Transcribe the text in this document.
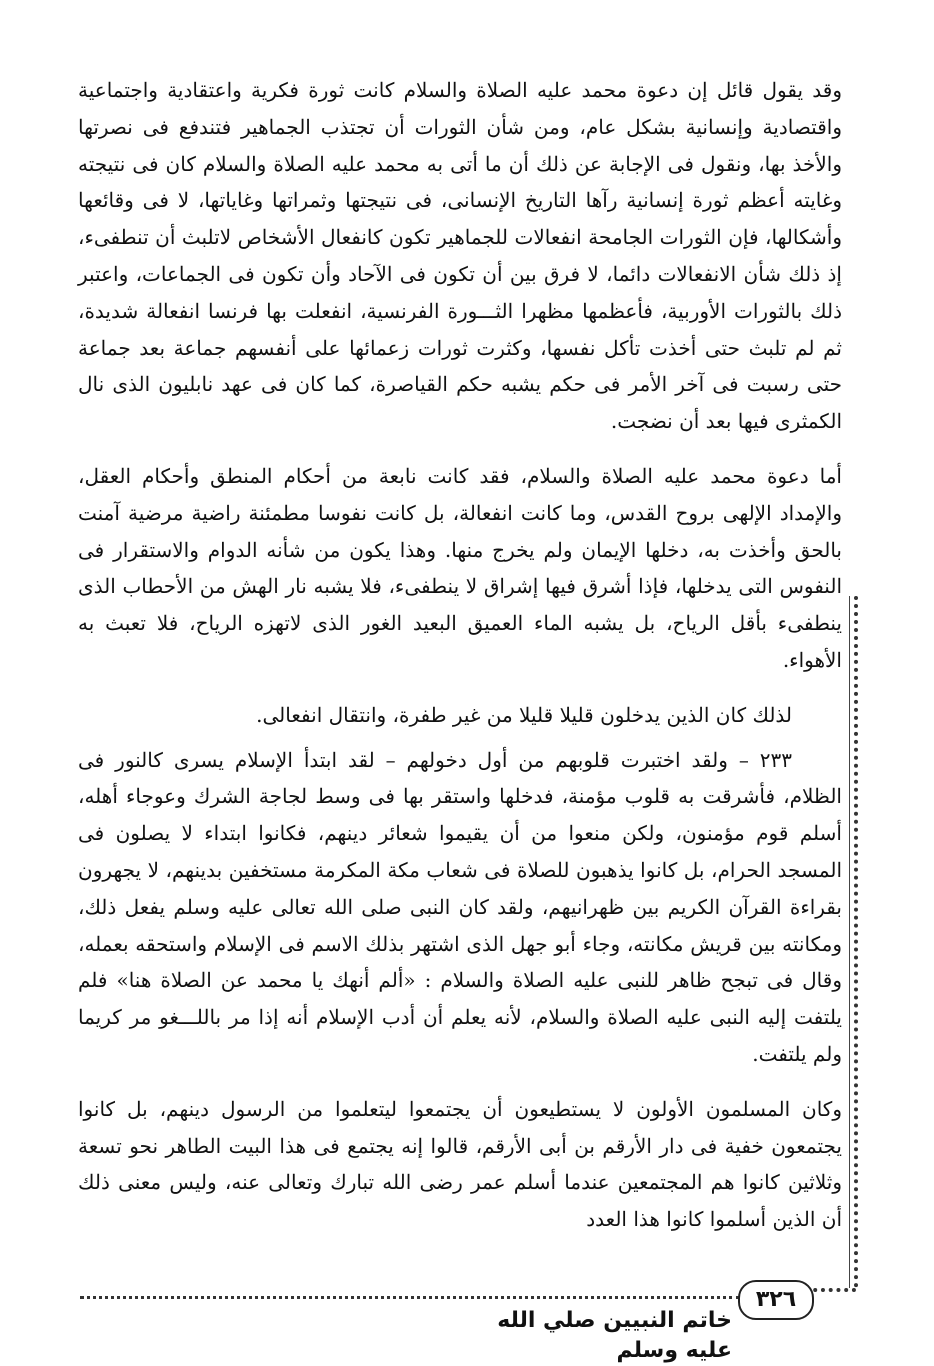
وقد يقول قائل إن دعوة محمد عليه الصلاة والسلام كانت ثورة فكرية واعتقادية واجتماعية واقتصادية وإنسانية بشكل عام، ومن شأن الثورات أن تجتذب الجماهير فتندفع فى نصرتها والأخذ بها، ونقول فى الإجابة عن ذلك أن ما أتى به محمد عليه الصلاة والسلام كان فى نتيجته وغايته أعظم ثورة إنسانية رآها التاريخ الإنسانى، فى نتيجتها وثمراتها وغاياتها، لا فى وقائعها وأشكالها، فإن الثورات الجامحة انفعالات للجماهير تكون كانفعال الأشخاص لاتلبث أن تنطفىء، إذ ذلك شأن الانفعالات دائما، لا فرق بين أن تكون فى الآحاد وأن تكون فى الجماعات، واعتبر ذلك بالثورات الأوربية، فأعظمها مظهرا الثـــورة الفرنسية، انفعلت بها فرنسا انفعالة شديدة، ثم لم تلبث حتى أخذت تأكل نفسها، وكثرت ثورات زعمائها على أنفسهم جماعة بعد جماعة حتى رسبت فى آخر الأمر فى حكم يشبه حكم القياصرة، كما كان فى عهد نابليون الذى نال الكمثرى فيها بعد أن نضجت.

أما دعوة محمد عليه الصلاة والسلام، فقد كانت نابعة من أحكام المنطق وأحكام العقل، والإمداد الإلهى بروح القدس، وما كانت انفعالة، بل كانت نفوسا مطمئنة راضية مرضية آمنت بالحق وأخذت به، دخلها الإيمان ولم يخرج منها. وهذا يكون من شأنه الدوام والاستقرار فى النفوس التى يدخلها، فإذا أشرق فيها إشراق لا ينطفىء، فلا يشبه نار الهش من الأحطاب الذى ينطفىء بأقل الرياح، بل يشبه الماء العميق البعيد الغور الذى لاتهزه الرياح، فلا تعبث به الأهواء.

لذلك كان الذين يدخلون قليلا قليلا من غير طفرة، وانتقال انفعالى.

٢٣٣ – ولقد اختبرت قلوبهم من أول دخولهم – لقد ابتدأ الإسلام يسرى كالنور فى الظلام، فأشرقت به قلوب مؤمنة، فدخلها واستقر بها فى وسط لجاجة الشرك وعوجاء أهله، أسلم قوم مؤمنون، ولكن منعوا من أن يقيموا شعائر دينهم، فكانوا ابتداء لا يصلون فى المسجد الحرام، بل كانوا يذهبون للصلاة فى شعاب مكة المكرمة مستخفين بدينهم، لا يجهرون بقراءة القرآن الكريم بين ظهرانيهم، ولقد كان النبى صلى الله تعالى عليه وسلم يفعل ذلك، ومكانته بين قريش مكانته، وجاء أبو جهل الذى اشتهر بذلك الاسم فى الإسلام واستحقه بعمله، وقال فى تبجح ظاهر للنبى عليه الصلاة والسلام : «ألم أنهك يا محمد عن الصلاة هنا» فلم يلتفت إليه النبى عليه الصلاة والسلام، لأنه يعلم أن أدب الإسلام أنه إذا مر باللـــغو مر كريما ولم يلتفت.

وكان المسلمون الأولون لا يستطيعون أن يجتمعوا ليتعلموا من الرسول دينهم، بل كانوا يجتمعون خفية فى دار الأرقم بن أبى الأرقم، قالوا إنه يجتمع فى هذا البيت الطاهر نحو تسعة وثلاثين كانوا هم المجتمعين عندما أسلم عمر رضى الله تبارك وتعالى عنه، وليس معنى ذلك أن الذين أسلموا كانوا هذا العدد

٣٢٦
خاتم النبيين صلي الله عليه وسلم
